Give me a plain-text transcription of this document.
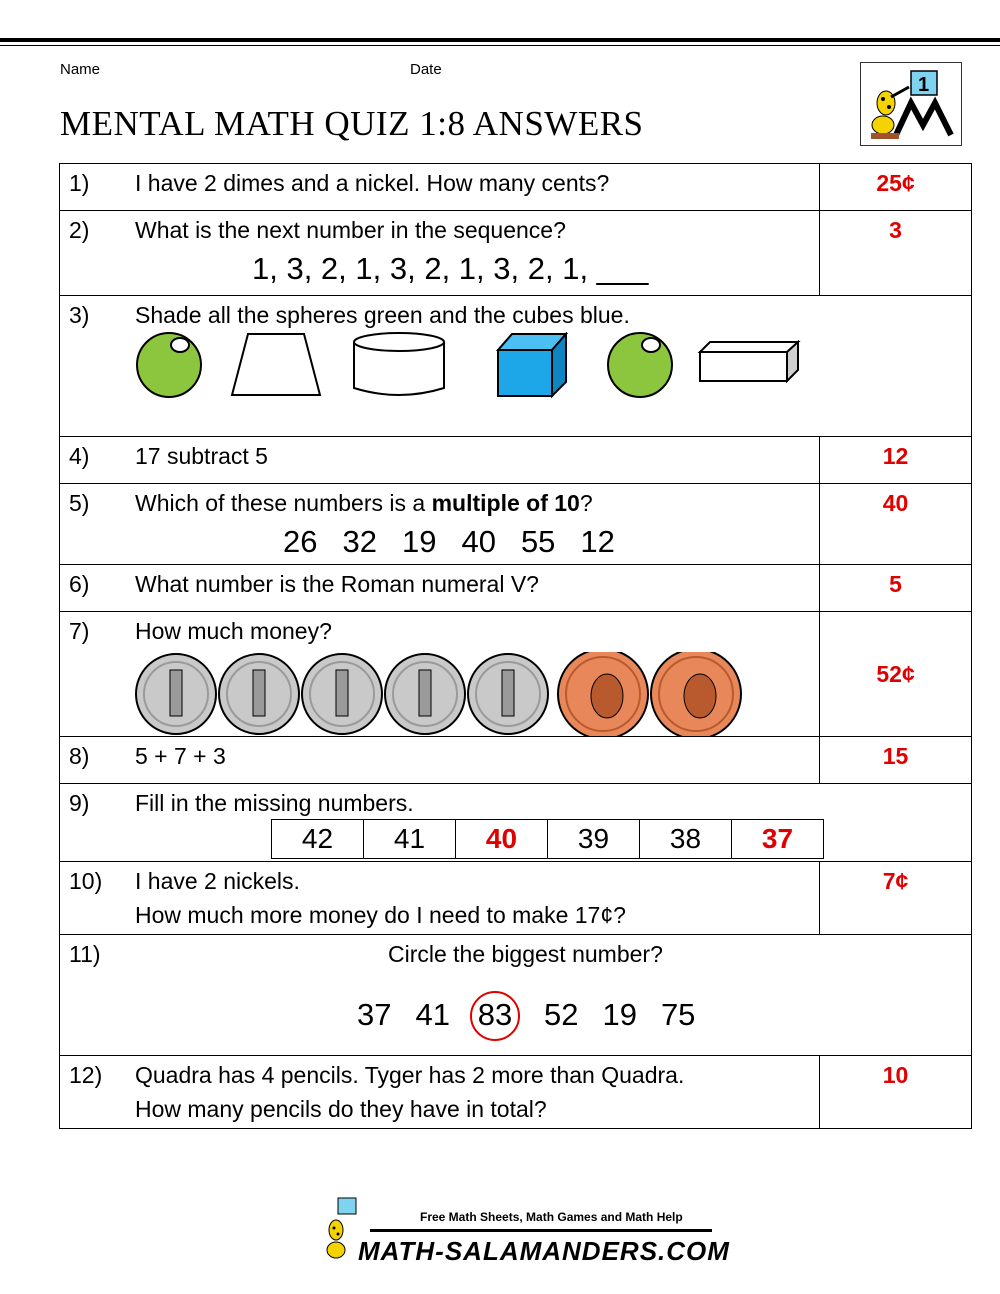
Name	Date
MENTAL MATH QUIZ 1:8 ANSWERS
1
1) I have 2 dimes and a nickel. How many cents?	25¢

2) What is the next number in the sequence?
1, 3, 2, 1, 3, 2, 1, 3, 2, 1, ___
	3

3) Shade all the spheres green and the cubes blue.

4) 17 subtract 5	12

5) Which of these numbers is a multiple of 10?
26 32 19 40 55 12
	40

6) What number is the Roman numeral V?	5

7) How much money?
	52¢

8) 5 + 7 + 3	15

9) Fill in the missing numbers.
42	41	40	39	38	37

10) I have 2 nickels.
How much more money do I need to make 17¢?
	7¢

11)	Circle the biggest number?
37 41 83 52 19 75

12) Quadra has 4 pencils. Tyger has 2 more than Quadra.
How many pencils do they have in total?
	10
Free Math Sheets, Math Games and Math Help
MATH-SALAMANDERS.COM
